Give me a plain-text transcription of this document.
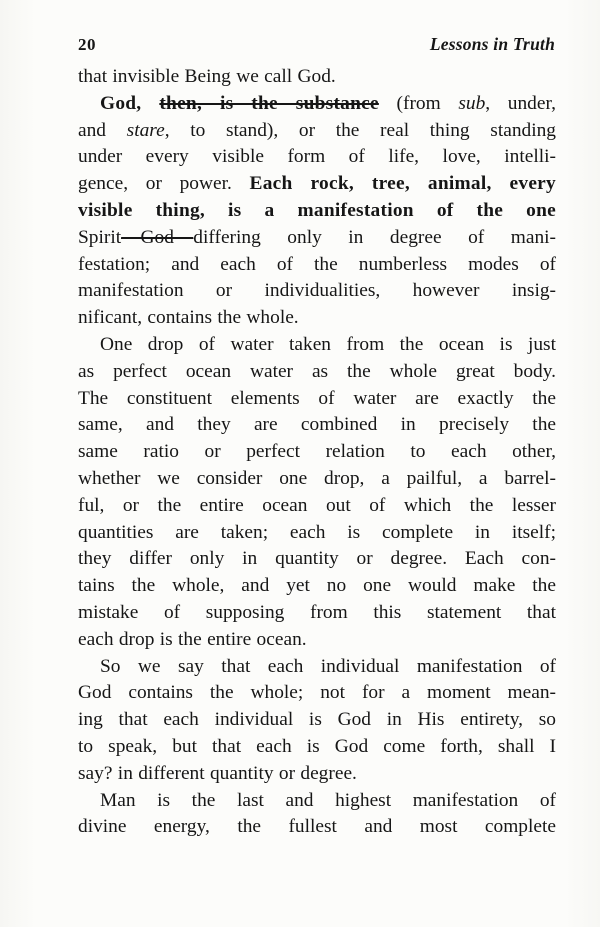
20	Lessons in Truth
that invisible Being we call God.
God, then, is the substance (from sub, under,
and stare, to stand), or the real thing standing
under every visible form of life, love, intelli-
gence, or power. Each rock, tree, animal, every
visible thing, is a manifestation of the one
Spirit—God—differing only in degree of mani-
festation; and each of the numberless modes of
manifestation or individualities, however insig-
nificant, contains the whole.
One drop of water taken from the ocean is just
as perfect ocean water as the whole great body.
The constituent elements of water are exactly the
same, and they are combined in precisely the
same ratio or perfect relation to each other,
whether we consider one drop, a pailful, a barrel-
ful, or the entire ocean out of which the lesser
quantities are taken; each is complete in itself;
they differ only in quantity or degree. Each con-
tains the whole, and yet no one would make the
mistake of supposing from this statement that
each drop is the entire ocean.
So we say that each individual manifestation of
God contains the whole; not for a moment mean-
ing that each individual is God in His entirety, so
to speak, but that each is God come forth, shall I
say? in different quantity or degree.
Man is the last and highest manifestation of
divine energy, the fullest and most complete
